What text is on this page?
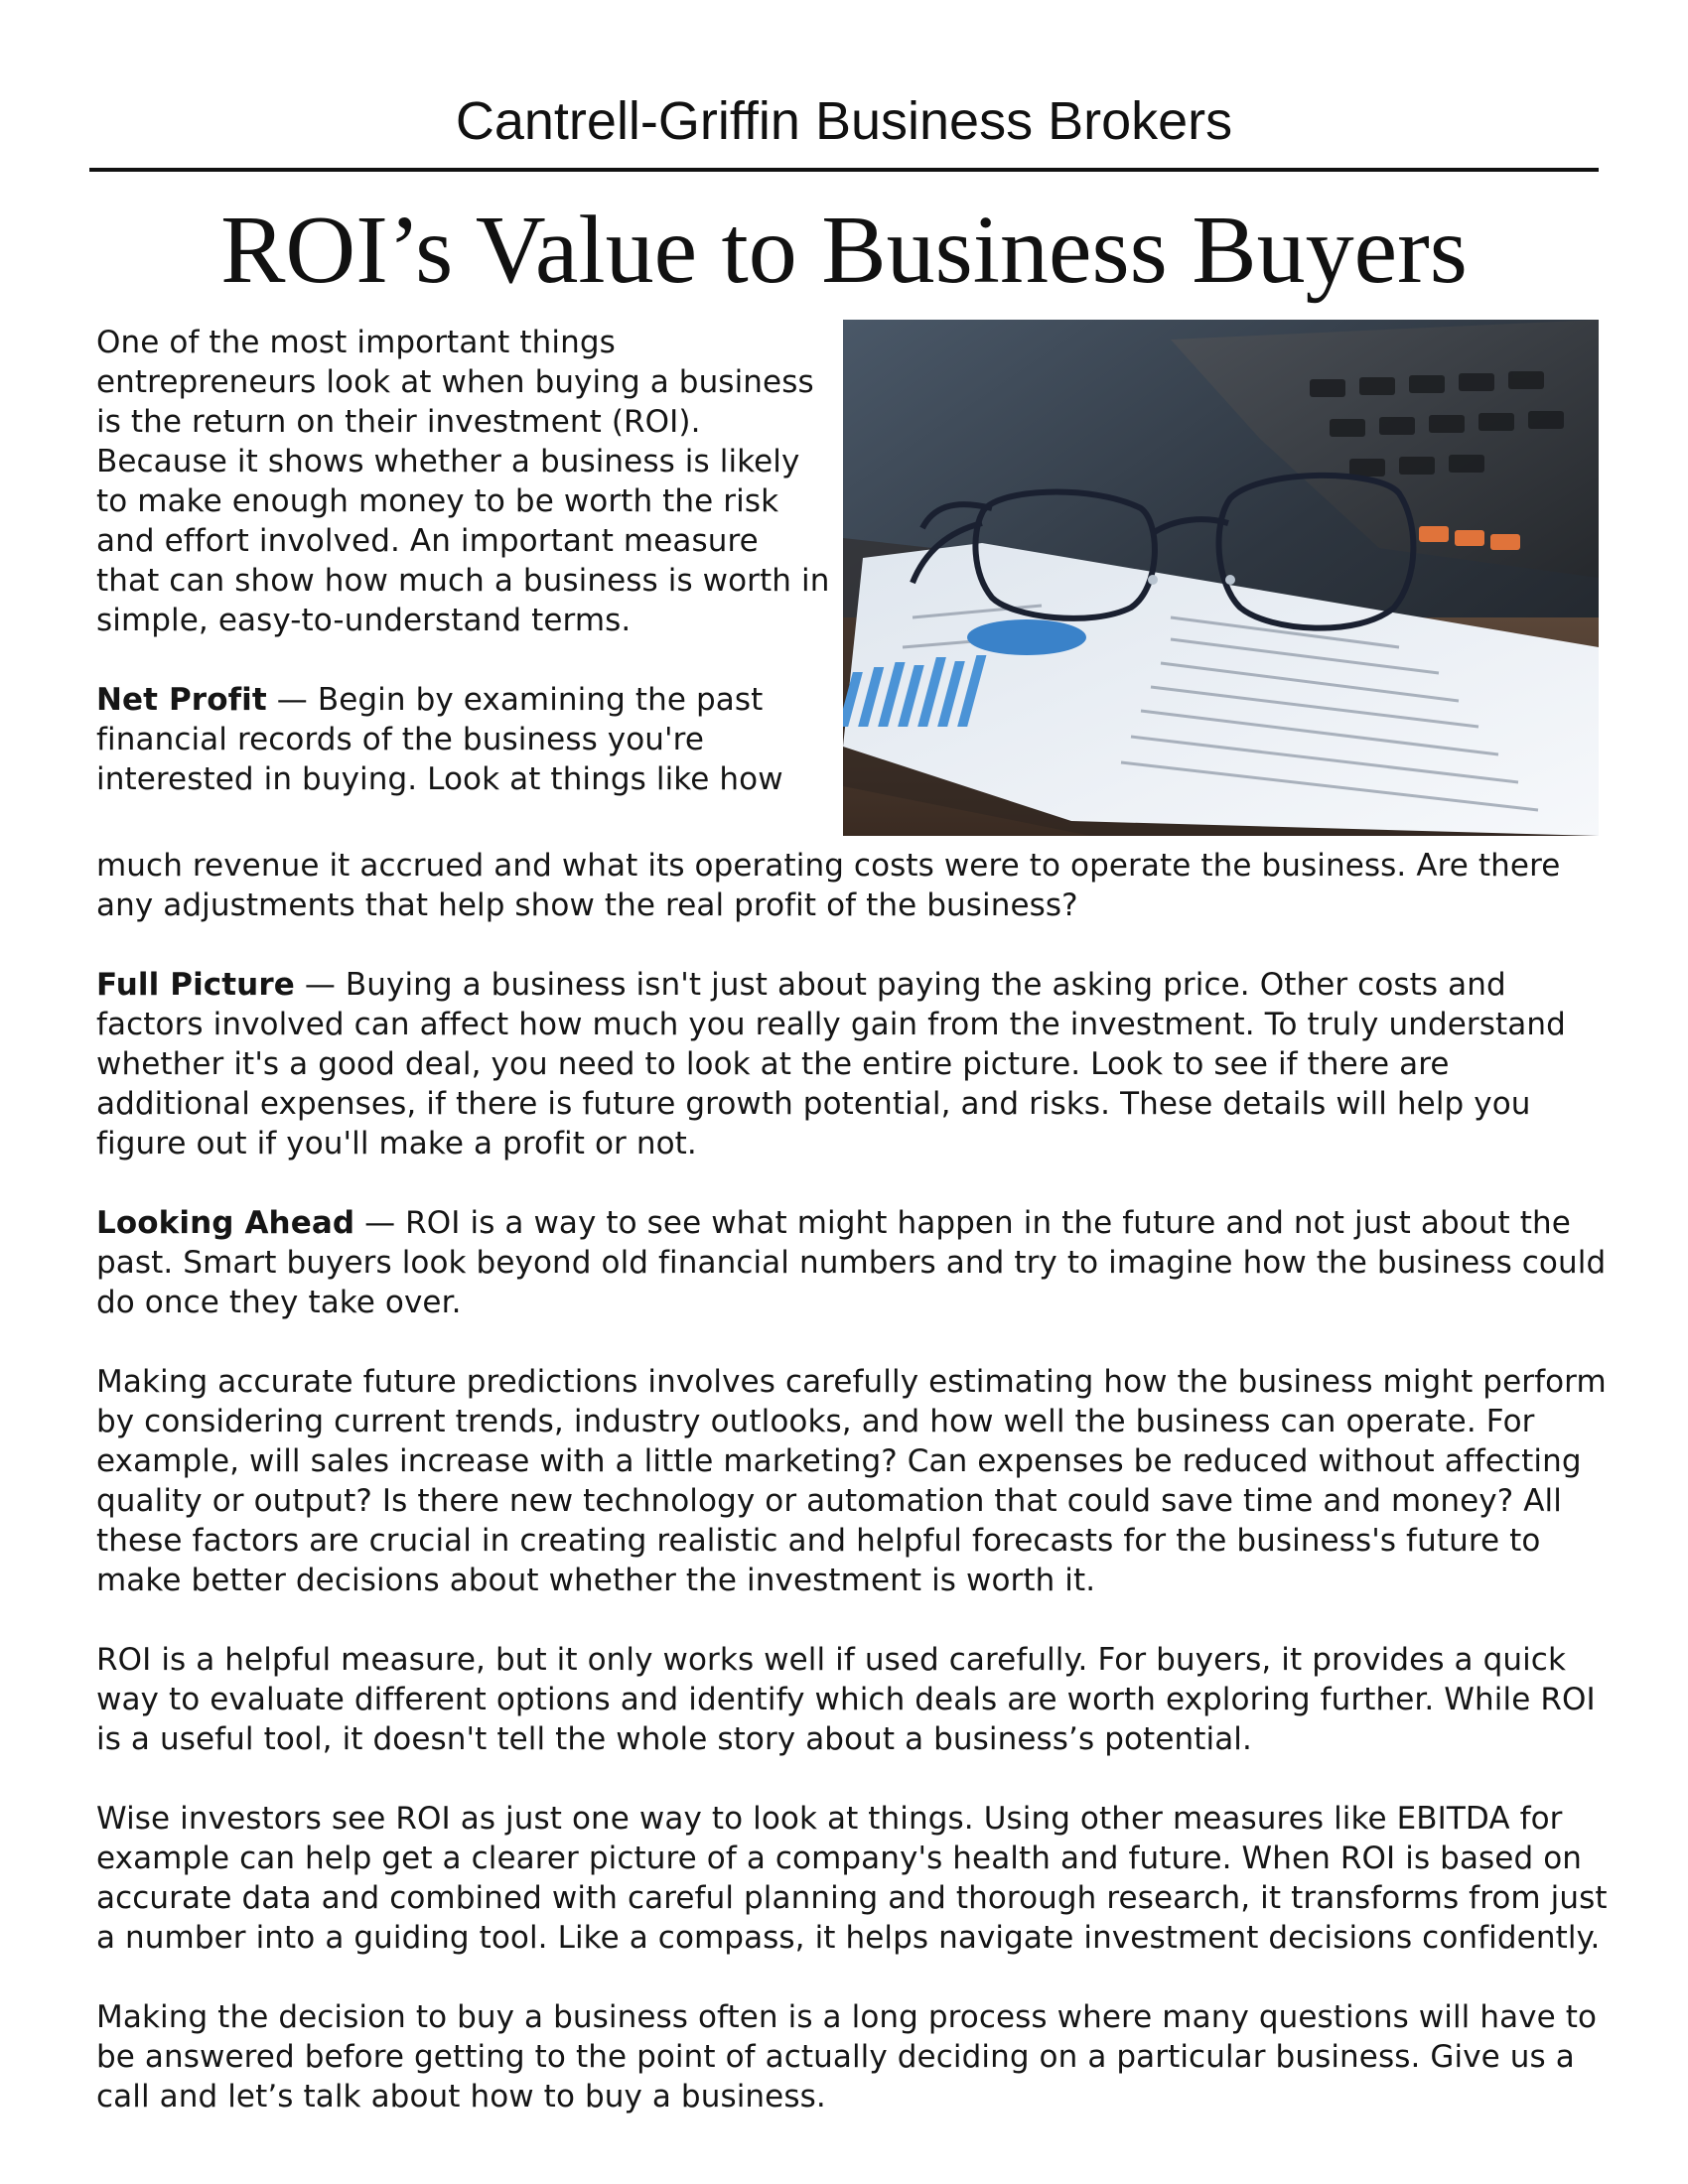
Cantrell-Griffin Business Brokers
ROI’s Value to Business Buyers

One of the most important things entrepreneurs look at when buying a business is the return on their investment (ROI). Because it shows whether a business is likely to make enough money to be worth the risk and effort involved. An important measure that can show how much a business is worth in simple, easy-to-understand terms.

Net Profit — Begin by examining the past financial records of the business you're interested in buying. Look at things like how

much revenue it accrued and what its operating costs were to operate the business. Are there any adjustments that help show the real profit of the business?

Full Picture — Buying a business isn't just about paying the asking price. Other costs and factors involved can affect how much you really gain from the investment. To truly understand whether it's a good deal, you need to look at the entire picture. Look to see if there are additional expenses, if there is future growth potential, and risks. These details will help you figure out if you'll make a profit or not.

Looking Ahead — ROI is a way to see what might happen in the future and not just about the past. Smart buyers look beyond old financial numbers and try to imagine how the business could do once they take over.

Making accurate future predictions involves carefully estimating how the business might perform by considering current trends, industry outlooks, and how well the business can operate. For example, will sales increase with a little marketing? Can expenses be reduced without affecting quality or output? Is there new technology or automation that could save time and money? All these factors are crucial in creating realistic and helpful forecasts for the business's future to make better decisions about whether the investment is worth it.

ROI is a helpful measure, but it only works well if used carefully. For buyers, it provides a quick way to evaluate different options and identify which deals are worth exploring further. While ROI is a useful tool, it doesn't tell the whole story about a business’s potential.

Wise investors see ROI as just one way to look at things. Using other measures like EBITDA for example can help get a clearer picture of a company's health and future. When ROI is based on accurate data and combined with careful planning and thorough research, it transforms from just a number into a guiding tool. Like a compass, it helps navigate investment decisions confidently.

Making the decision to buy a business often is a long process where many questions will have to be answered before getting to the point of actually deciding on a particular business. Give us a call and let’s talk about how to buy a business.
